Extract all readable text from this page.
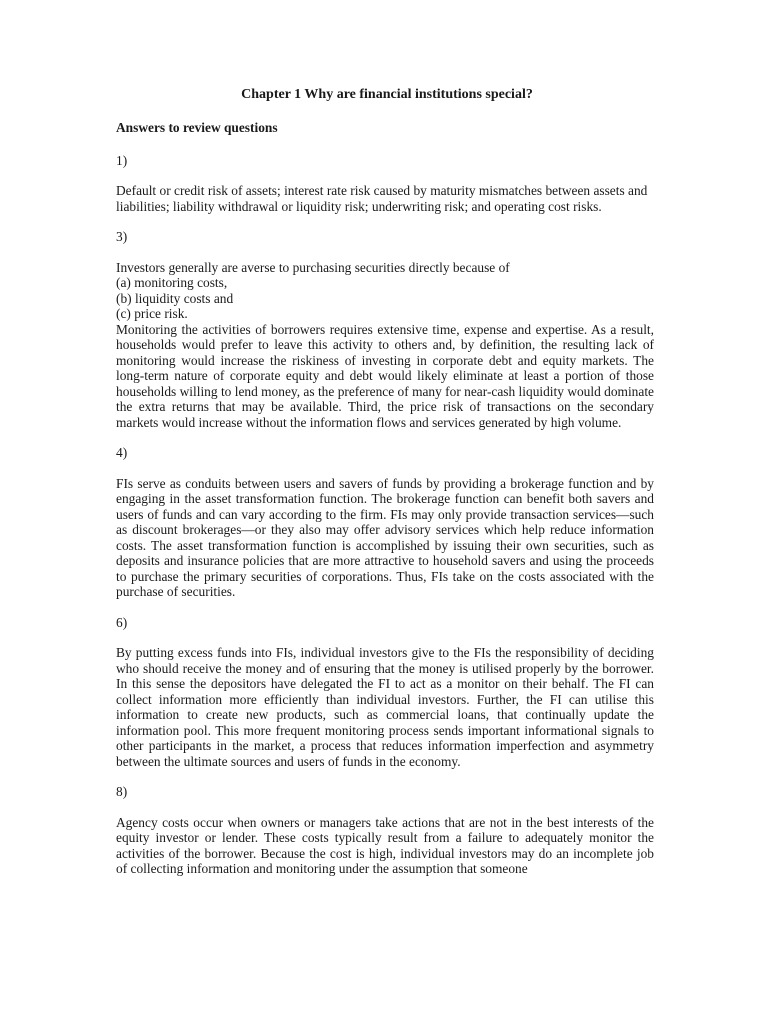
Chapter 1 Why are financial institutions special?
Answers to review questions
1)
Default or credit risk of assets; interest rate risk caused by maturity mismatches between assets and liabilities; liability withdrawal or liquidity risk; underwriting risk; and operating cost risks.
3)
Investors generally are averse to purchasing securities directly because of
(a) monitoring costs,
(b) liquidity costs and
(c) price risk.
Monitoring the activities of borrowers requires extensive time, expense and expertise. As a result, households would prefer to leave this activity to others and, by definition, the resulting lack of monitoring would increase the riskiness of investing in corporate debt and equity markets. The long-term nature of corporate equity and debt would likely eliminate at least a portion of those households willing to lend money, as the preference of many for near-cash liquidity would dominate the extra returns that may be available. Third, the price risk of transactions on the secondary markets would increase without the information flows and services generated by high volume.
4)
FIs serve as conduits between users and savers of funds by providing a brokerage function and by engaging in the asset transformation function. The brokerage function can benefit both savers and users of funds and can vary according to the firm. FIs may only provide transaction services—such as discount brokerages—or they also may offer advisory services which help reduce information costs. The asset transformation function is accomplished by issuing their own securities, such as deposits and insurance policies that are more attractive to household savers and using the proceeds to purchase the primary securities of corporations. Thus, FIs take on the costs associated with the purchase of securities.
6)
By putting excess funds into FIs, individual investors give to the FIs the responsibility of deciding who should receive the money and of ensuring that the money is utilised properly by the borrower. In this sense the depositors have delegated the FI to act as a monitor on their behalf. The FI can collect information more efficiently than individual investors. Further, the FI can utilise this information to create new products, such as commercial loans, that continually update the information pool. This more frequent monitoring process sends important informational signals to other participants in the market, a process that reduces information imperfection and asymmetry between the ultimate sources and users of funds in the economy.
8)
Agency costs occur when owners or managers take actions that are not in the best interests of the equity investor or lender. These costs typically result from a failure to adequately monitor the activities of the borrower. Because the cost is high, individual investors may do an incomplete job of collecting information and monitoring under the assumption that someone
